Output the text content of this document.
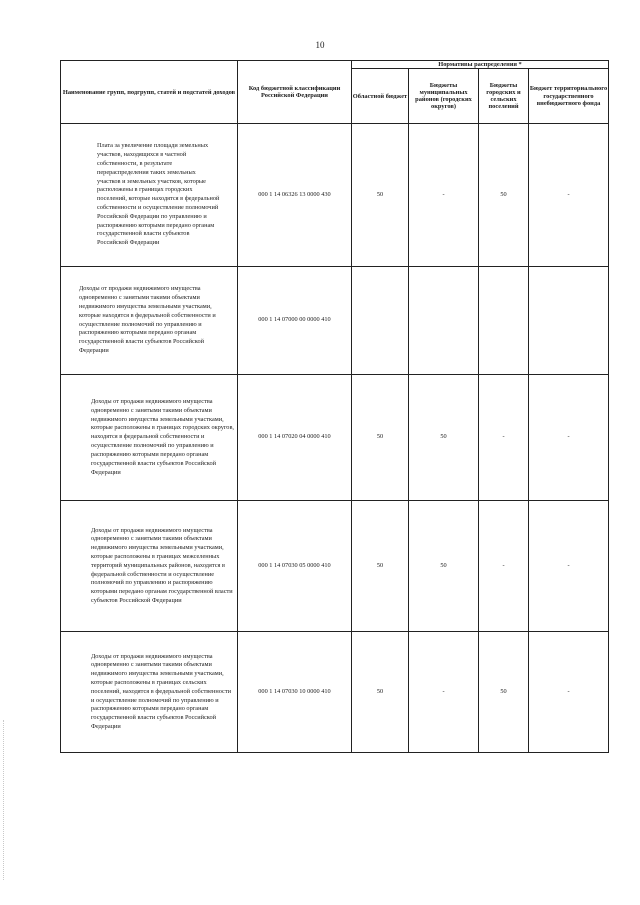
10
Наименование групп, подгрупп, статей и подстатей доходов	Код бюджетной классификации Российской Федерации	Нормативы распределения *			
		Областной бюджет	Бюджеты муниципальных районов (городских округов)	Бюджеты городских и сельских поселений	Бюджет территориального государственного внебюджетного фонда

Плата за увеличение площади земельных участков, находящихся в частной собственности, в результате перераспределения таких земельных участков и земельных участков, которые расположены в границах городских поселений, которые находятся в федеральной собственности и осуществление полномочий Российской Федерации по управлению и распоряжению которыми передано органам государственной власти субъектов Российской Федерации	000 1 14 06326 13 0000 430	50	-	50	-

Доходы от продажи недвижимого имущества одновременно с занятыми такими объектами недвижимого имущества земельными участками, которые находятся в федеральной собственности и осуществление полномочий по управлению и распоряжению которыми передано органам государственной власти субъектов Российской Федерации	000 1 14 07000 00 0000 410				

Доходы от продажи недвижимого имущества одновременно с занятыми такими объектами недвижимого имущества земельными участками, которые расположены в границах городских округов, находятся в федеральной собственности и осуществление полномочий по управлению и распоряжению которыми передано органам государственной власти субъектов Российской Федерации	000 1 14 07020 04 0000 410	50	50	-	-

Доходы от продажи недвижимого имущества одновременно с занятыми такими объектами недвижимого имущества земельными участками, которые расположены в границах межселенных территорий муниципальных районов, находятся в федеральной собственности и осуществление полномочий по управлению и распоряжению которыми передано органам государственной власти субъектов Российской Федерации	000 1 14 07030 05 0000 410	50	50	-	-

Доходы от продажи недвижимого имущества одновременно с занятыми такими объектами недвижимого имущества земельными участками, которые расположены в границах сельских поселений, находятся в федеральной собственности и осуществление полномочий по управлению и распоряжению которыми передано органам государственной власти субъектов Российской Федерации	000 1 14 07030 10 0000 410	50	-	50	-
